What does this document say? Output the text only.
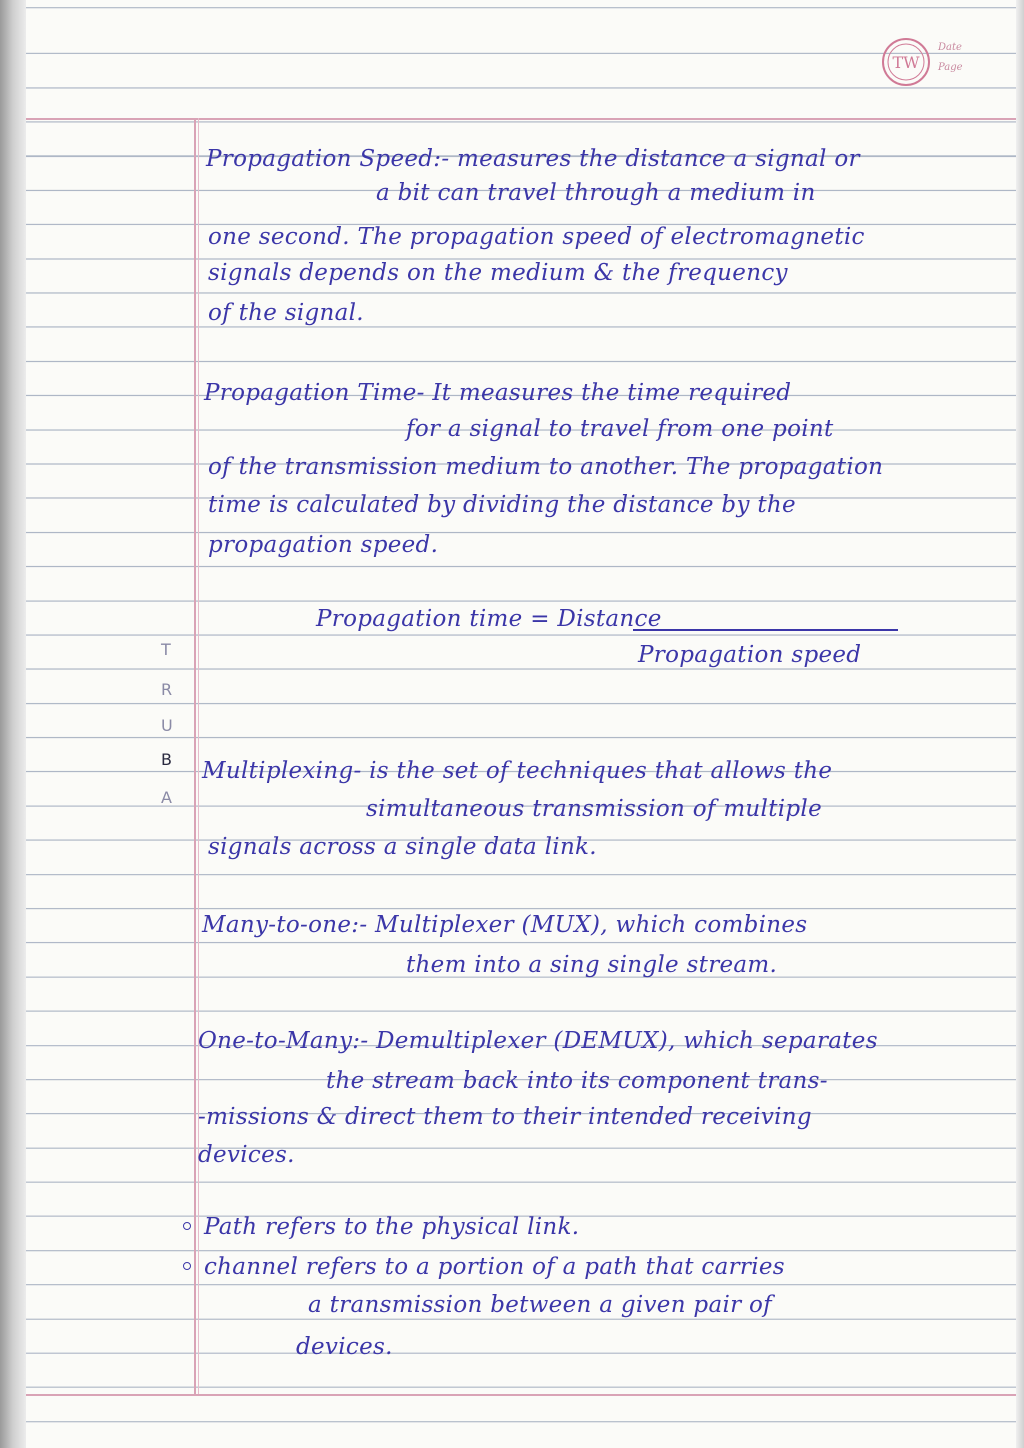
TW
Date
Page
T
R
U
B
A

Propagation Speed:- measures the distance a signal or

a bit can travel through a medium in

one second. The propagation speed of electromagnetic

signals depends on the medium & the frequency

of the signal.

Propagation Time- It measures the time required

for a signal to travel from one point

of the transmission medium to another. The propagation

time is calculated by dividing the distance by the

propagation speed.

Propagation time = Distance

Propagation speed

Multiplexing- is the set of techniques that allows the

simultaneous transmission of multiple

signals across a single data link.

Many-to-one:- Multiplexer (MUX), which combines

them into a sing single stream.

One-to-Many:- Demultiplexer (DEMUX), which separates

the stream back into its component trans-

-missions & direct them to their intended receiving

devices.

Path refers to the physical link.

channel refers to a portion of a path that carries

a transmission between a given pair of

devices.
